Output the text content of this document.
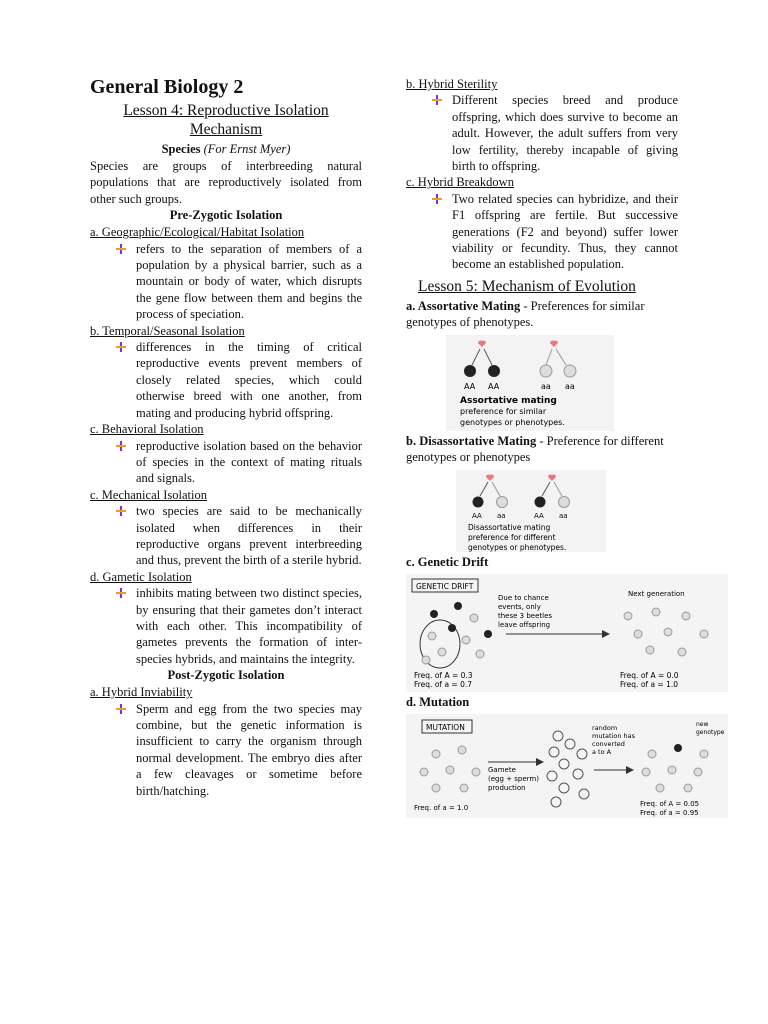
General Biology 2
Lesson 4: Reproductive Isolation Mechanism
Species (For Ernst Myer)

Species are groups of interbreeding natural populations that are reproductively isolated from other such groups.

Pre-Zygotic Isolation
a. Geographic/Ecological/Habitat Isolation
refers to the separation of members of a population by a physical barrier, such as a mountain or body of water, which disrupts the gene flow between them and begins the process of speciation.
b. Temporal/Seasonal Isolation
differences in the timing of critical reproductive events prevent members of closely related species, which could otherwise breed with one another, from mating and producing hybrid offspring.
c. Behavioral Isolation
reproductive isolation based on the behavior of species in the context of mating rituals and signals.
c. Mechanical Isolation
two species are said to be mechanically isolated when differences in their reproductive organs prevent interbreeding and thus, prevent the birth of a sterile hybrid.
d. Gametic Isolation
inhibits mating between two distinct species, by ensuring that their gametes don’t interact with each other. This incompatibility of gametes prevents the formation of inter-species hybrids, and maintains the integrity.
Post-Zygotic Isolation
a. Hybrid Inviability
Sperm and egg from the two species may combine, but the genetic information is insufficient to carry the organism through normal development. The embryo dies after a few cleavages or sometime before birth/hatching.
b. Hybrid Sterility
Different species breed and produce offspring, which does survive to become an adult. However, the adult suffers from very low fertility, thereby incapable of giving birth to offspring.
c. Hybrid Breakdown
Two related species can hybridize, and their F1 offspring are fertile. But successive generations (F2 and beyond) suffer lower viability or fecundity. Thus, they cannot become an established population.
Lesson 5: Mechanism of Evolution

a. Assortative Mating - Preferences for similar genotypes of phenotypes.

AA AA	aa aa
Assortative mating
preference for similar
genotypes or phenotypes.

b. Disassortative Mating - Preference for different genotypes or phenotypes

AA aa	AA aa
Disassortative mating
preference for different
genotypes or phenotypes.
c. Genetic Drift
GENETIC DRIFT
Due to chance
events, only
these 3 beetles
leave offspring
Next generation
Freq. of A = 0.3
Freq. of a = 0.7
Freq. of A = 0.0
Freq. of a = 1.0
d. Mutation
MUTATION
Gamete
(egg + sperm)
production
random
mutation has
converted
a to A
new
genotype
Freq. of a = 1.0	Freq. of A = 0.05
Freq. of a = 0.95
